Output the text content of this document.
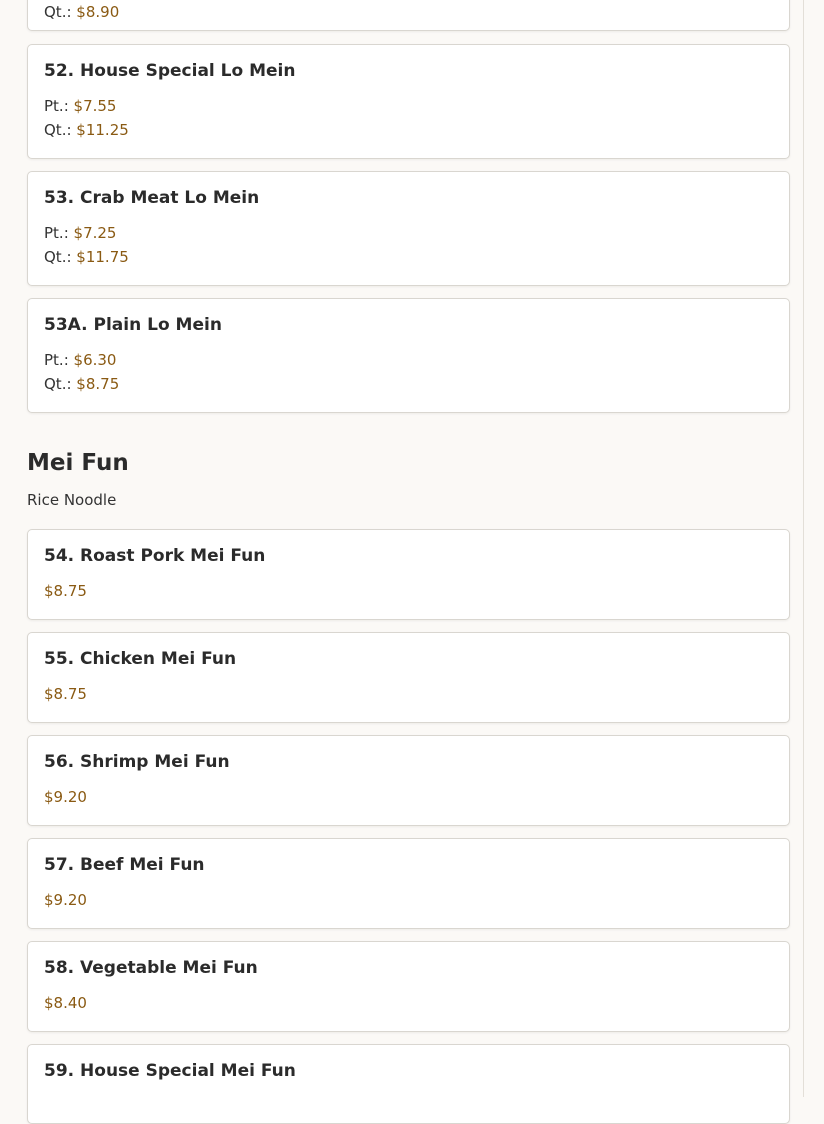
Qt.: $8.90
52. House Special Lo Mein
Pt.: $7.55
Qt.: $11.25
53. Crab Meat Lo Mein
Pt.: $7.25
Qt.: $11.75
53A. Plain Lo Mein
Pt.: $6.30
Qt.: $8.75
Mei Fun
Rice Noodle
54. Roast Pork Mei Fun
$8.75
55. Chicken Mei Fun
$8.75
56. Shrimp Mei Fun
$9.20
57. Beef Mei Fun
$9.20
58. Vegetable Mei Fun
$8.40
59. House Special Mei Fun
